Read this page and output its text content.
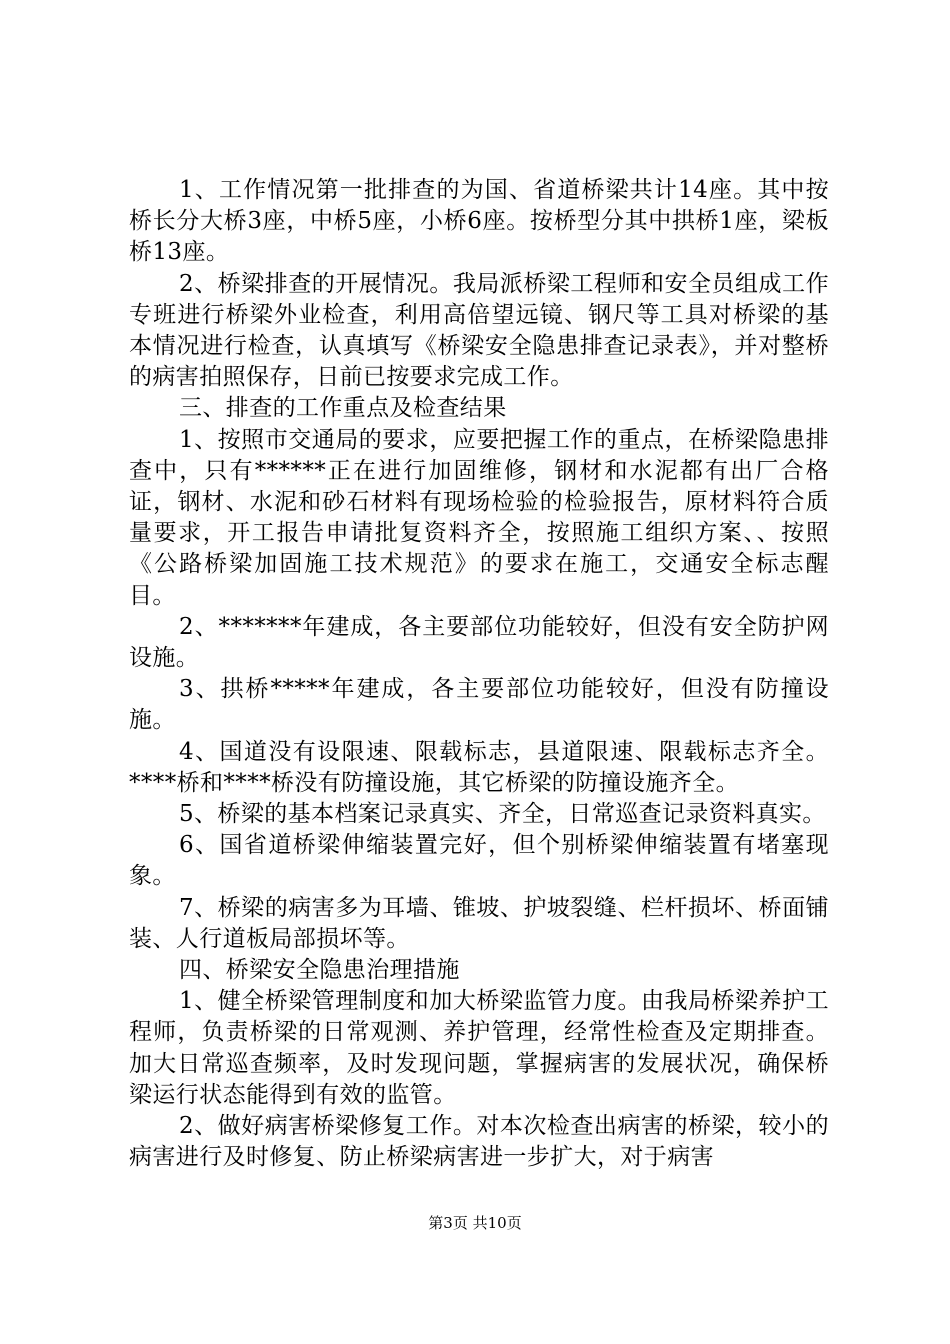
1、工作情况第一批排查的为国、省道桥梁共计14座。其中按桥长分大桥3座，中桥5座，小桥6座。按桥型分其中拱桥1座，梁板桥13座。

2、桥梁排查的开展情况。我局派桥梁工程师和安全员组成工作专班进行桥梁外业检查，利用高倍望远镜、钢尺等工具对桥梁的基本情况进行检查，认真填写《桥梁安全隐患排查记录表》，并对整桥的病害拍照保存，日前已按要求完成工作。

三、排查的工作重点及检查结果

1、按照市交通局的要求，应要把握工作的重点，在桥梁隐患排查中，只有******正在进行加固维修，钢材和水泥都有出厂合格证，钢材、水泥和砂石材料有现场检验的检验报告，原材料符合质量要求，开工报告申请批复资料齐全，按照施工组织方案、、按照《公路桥梁加固施工技术规范》的要求在施工，交通安全标志醒目。

2、*******年建成，各主要部位功能较好，但没有安全防护网设施。

3、拱桥*****年建成，各主要部位功能较好，但没有防撞设施。

4、国道没有设限速、限载标志，县道限速、限载标志齐全。****桥和****桥没有防撞设施，其它桥梁的防撞设施齐全。

5、桥梁的基本档案记录真实、齐全，日常巡查记录资料真实。

6、国省道桥梁伸缩装置完好，但个别桥梁伸缩装置有堵塞现象。

7、桥梁的病害多为耳墙、锥坡、护坡裂缝、栏杆损坏、桥面铺装、人行道板局部损坏等。

四、桥梁安全隐患治理措施

1、健全桥梁管理制度和加大桥梁监管力度。由我局桥梁养护工程师，负责桥梁的日常观测、养护管理，经常性检查及定期排查。加大日常巡查频率，及时发现问题，掌握病害的发展状况，确保桥梁运行状态能得到有效的监管。

2、做好病害桥梁修复工作。对本次检查出病害的桥梁，较小的病害进行及时修复、防止桥梁病害进一步扩大，对于病害

第3页 共10页
